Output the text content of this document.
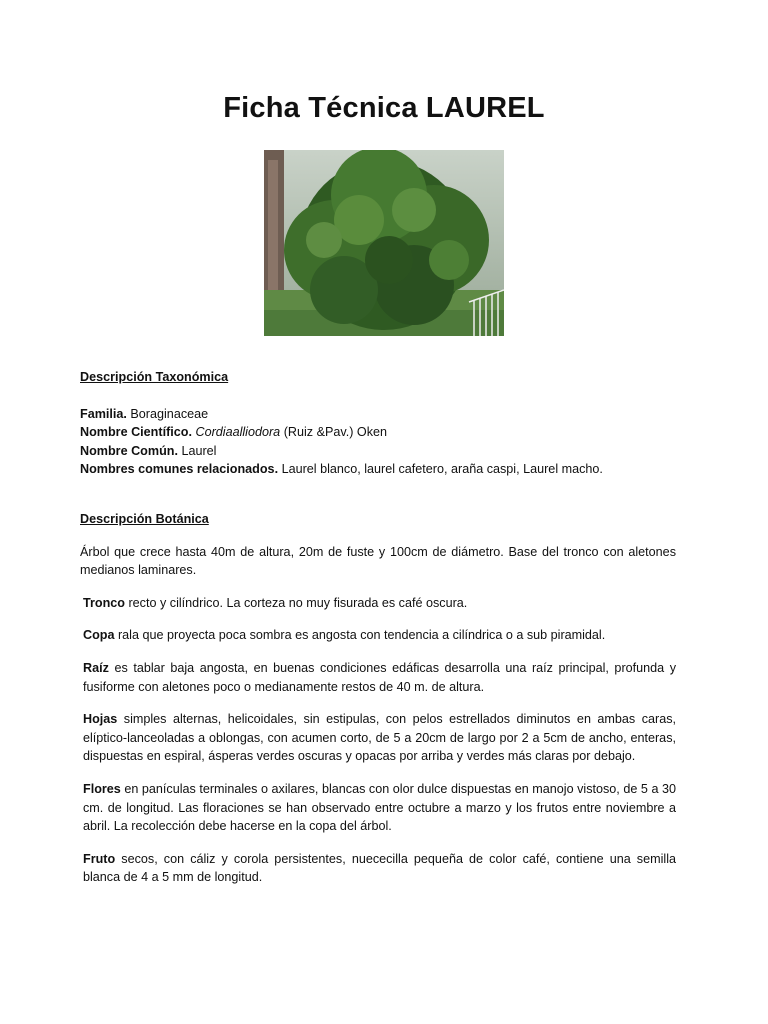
Ficha Técnica LAUREL

Descripción Taxonómica

Familia. Boraginaceae

Nombre Científico. Cordiaalliodora (Ruiz &Pav.) Oken

Nombre Común. Laurel

Nombres comunes relacionados. Laurel blanco, laurel cafetero, araña caspi, Laurel macho.

Descripción Botánica

Árbol que crece hasta 40m de altura, 20m de fuste y 100cm de diámetro. Base del tronco con aletones medianos laminares.

Tronco recto y cilíndrico. La corteza no muy fisurada es café oscura.

Copa rala que proyecta poca sombra es angosta con tendencia a cilíndrica o a sub piramidal.

Raíz es tablar baja angosta, en buenas condiciones edáficas desarrolla una raíz principal, profunda y fusiforme con aletones poco o medianamente restos de 40 m. de altura.

Hojas simples alternas, helicoidales, sin estipulas, con pelos estrellados diminutos en ambas caras, elíptico-lanceoladas a oblongas, con acumen corto, de 5 a 20cm de largo por 2 a 5cm de ancho, enteras, dispuestas en espiral, ásperas verdes oscuras y opacas por arriba y verdes más claras por debajo.

Flores en panículas terminales o axilares, blancas con olor dulce dispuestas en manojo vistoso, de 5 a 30 cm. de longitud. Las floraciones se han observado entre octubre a marzo y los frutos entre noviembre a abril. La recolección debe hacerse en la copa del árbol.

Fruto secos, con cáliz y corola persistentes, nuececilla pequeña de color café, contiene una semilla blanca de 4 a 5 mm de longitud.
